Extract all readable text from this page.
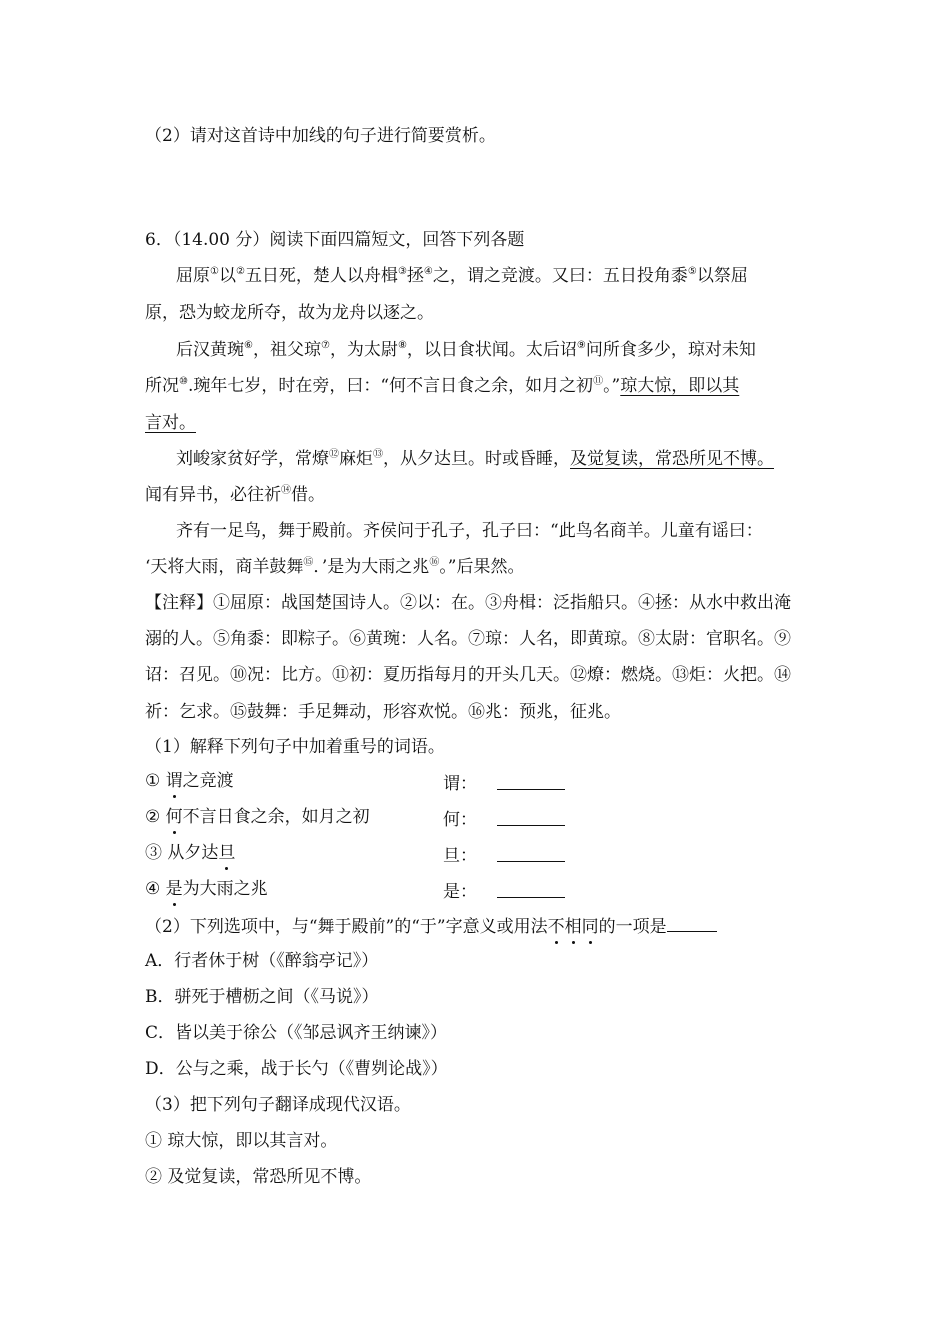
（2）请对这首诗中加线的句子进行简要赏析。
6．（14.00 分）阅读下面四篇短文，回答下列各题
屈原①以②五日死，楚人以舟楫③拯④之，谓之竞渡。又曰：五日投角黍⑤以祭屈
原，恐为蛟龙所夺，故为龙舟以逐之。
后汉黄琬⑥，祖父琼⑦，为太尉⑧，以日食状闻。太后诏⑨问所食多少，琼对未知
所况⑩.琬年七岁，时在旁，曰：“何不言日食之余，如月之初⑪。”琼大惊，即以其
言对。
刘峻家贫好学，常燎⑫麻炬⑬，从夕达旦。时或昏睡，及觉复读，常恐所见不博。
闻有异书，必往祈⑭借。
齐有一足鸟，舞于殿前。齐侯问于孔子，孔子曰：“此鸟名商羊。儿童有谣曰：
‘天将大雨，商羊鼓舞⑮．’是为大雨之兆⑯。”后果然。
【注释】①屈原：战国楚国诗人。②以：在。③舟楫：泛指船只。④拯：从水中救出淹
溺的人。⑤角黍：即粽子。⑥黄琬：人名。⑦琼：人名，即黄琼。⑧太尉：官职名。⑨
诏：召见。⑩况：比方。⑪初：夏历指每月的开头几天。⑫燎：燃烧。⑬炬：火把。⑭
祈：乞求。⑮鼓舞：手足舞动，形容欢悦。⑯兆：预兆，征兆。
（1）解释下列句子中加着重号的词语。
① 谓之竞渡	谓：
② 何不言日食之余，如月之初	何：
③ 从夕达旦	旦：
④ 是为大雨之兆	是：
（2）下列选项中，与“舞于殿前”的“于”字意义或用法不相同的一项是
A．行者休于树（《醉翁亭记》）
B．骈死于槽枥之间（《马说》）
C．皆以美于徐公（《邹忌讽齐王纳谏》）
D．公与之乘，战于长勺（《曹刿论战》）
（3）把下列句子翻译成现代汉语。
① 琼大惊，即以其言对。
② 及觉复读，常恐所见不博。
